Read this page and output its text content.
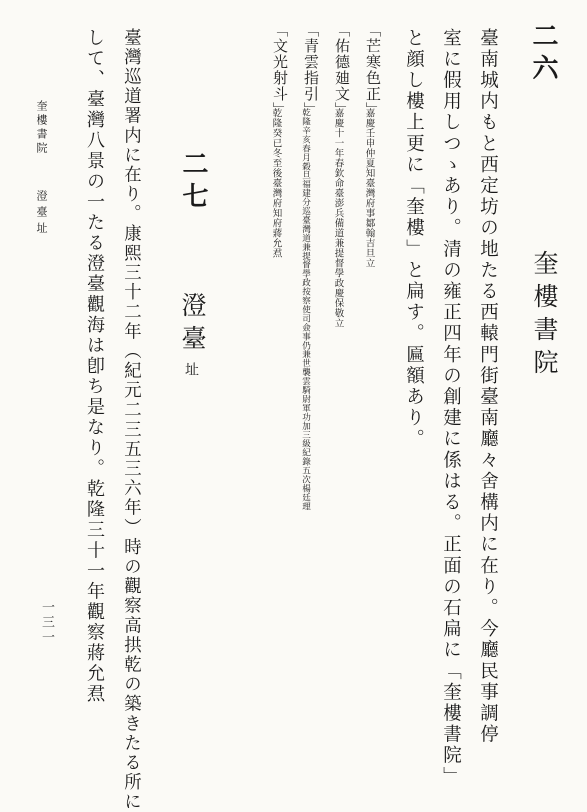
二六
奎樓書院
臺南城内もと西定坊の地たる西轅門街臺南廳々舍構内に在り。今廳民事調停
室に假用しつゝあり。清の雍正四年の創建に係はる。正面の石扁に「奎樓書院」
と顔し樓上更に「奎樓」と扁す。匾額あり。
「芒寒色正」
嘉慶壬申仲夏知臺灣府事鄒翰吉旦立
「佑德廸文」
嘉慶十一年春欽命臺澎兵備道兼提督學政慶保敬立
「青雲指引」
乾隆辛亥春月穀旦福建分巡臺灣道兼提督學政按察使司僉事仍兼世襲雲騎尉軍功加三級紀錄五次楊廷理
「文光射斗」
乾隆癸已冬至後臺灣府知府蔣允焄
二七
澄臺
址
臺灣巡道署内に在り。康熙三十二年（紀元二三五三六年）時の觀察高拱乾の築きたる所に
して、臺灣八景の一たる澄臺觀海は卽ち是なり。乾隆三十一年觀察蔣允焄
澄臺址
奎樓書院
一三一
